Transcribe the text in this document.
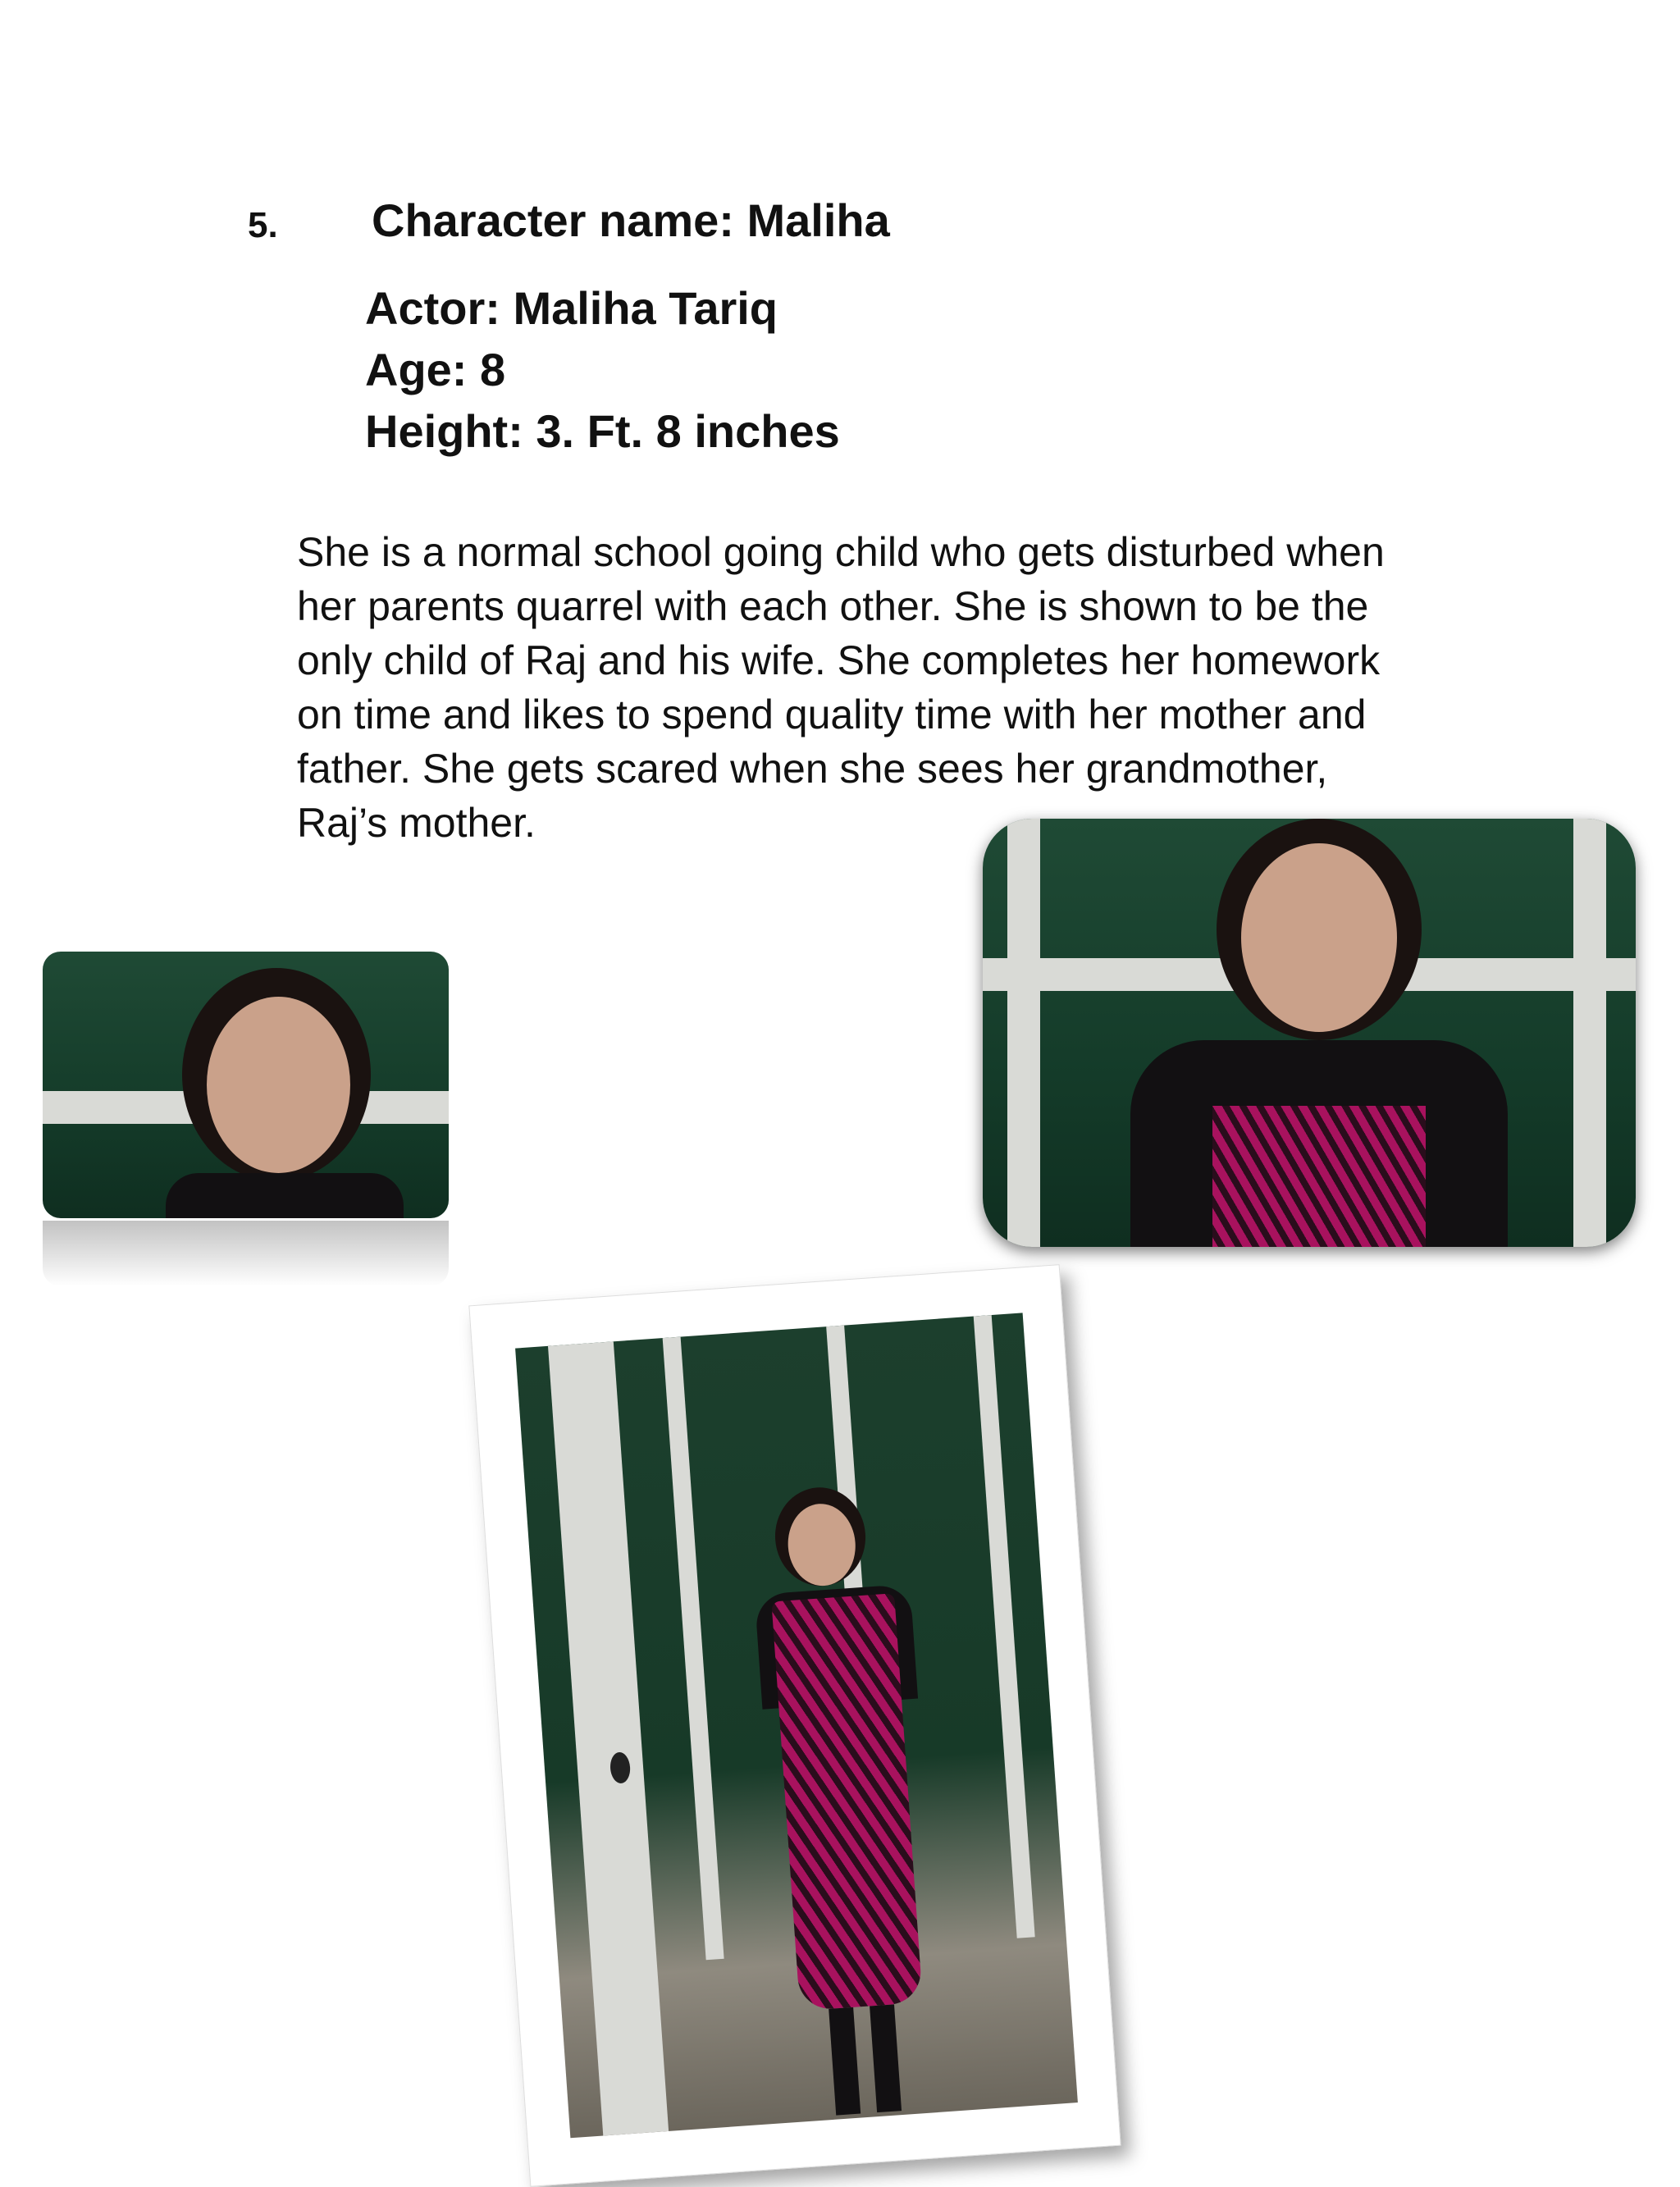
5. Character name: Maliha
Actor: Maliha Tariq
Age: 8
Height: 3. Ft. 8 inches
She is a normal school going child who gets disturbed when
her parents quarrel with each other. She is shown to be the
only child of Raj and his wife. She completes her homework
on time and likes to spend quality time with her mother and
father. She gets scared when she sees her grandmother,
Raj’s mother.
